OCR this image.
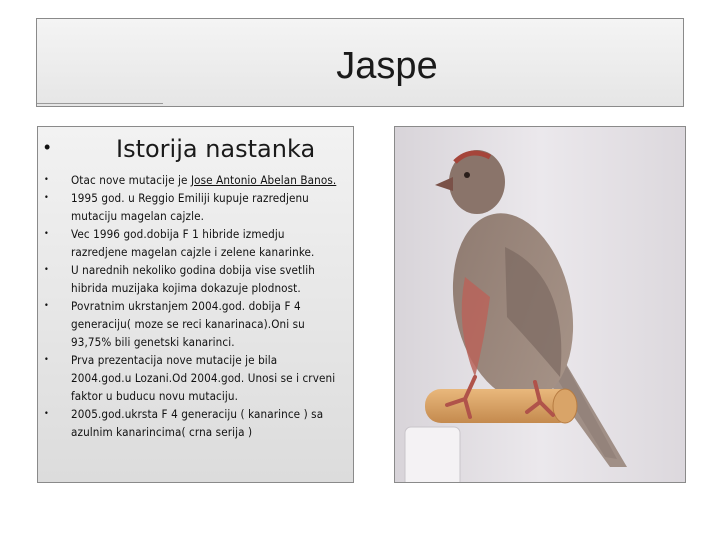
Jaspe
•	Istorija nastanka
• Otac nove mutacije je Jose Antonio Abelan Banos.
• 1995 god. u Reggio Emiliji kupuje razredjenu mutaciju magelan cajzle.
• Vec 1996 god.dobija F 1 hibride izmedju razredjene magelan cajzle i zelene kanarinke.
• U narednih nekoliko godina dobija vise svetlih hibrida muzijaka kojima dokazuje plodnost.
• Povratnim ukrstanjem 2004.god. dobija F 4 generaciju( moze se reci kanarinaca).Oni su 93,75% bili genetski kanarinci.
• Prva prezentacija nove mutacije je bila 2004.god.u Lozani.Od 2004.god. Unosi se i crveni faktor u buducu novu mutaciju.
• 2005.god.ukrsta F 4 generaciju ( kanarince ) sa azulnim kanarincima( crna serija )
